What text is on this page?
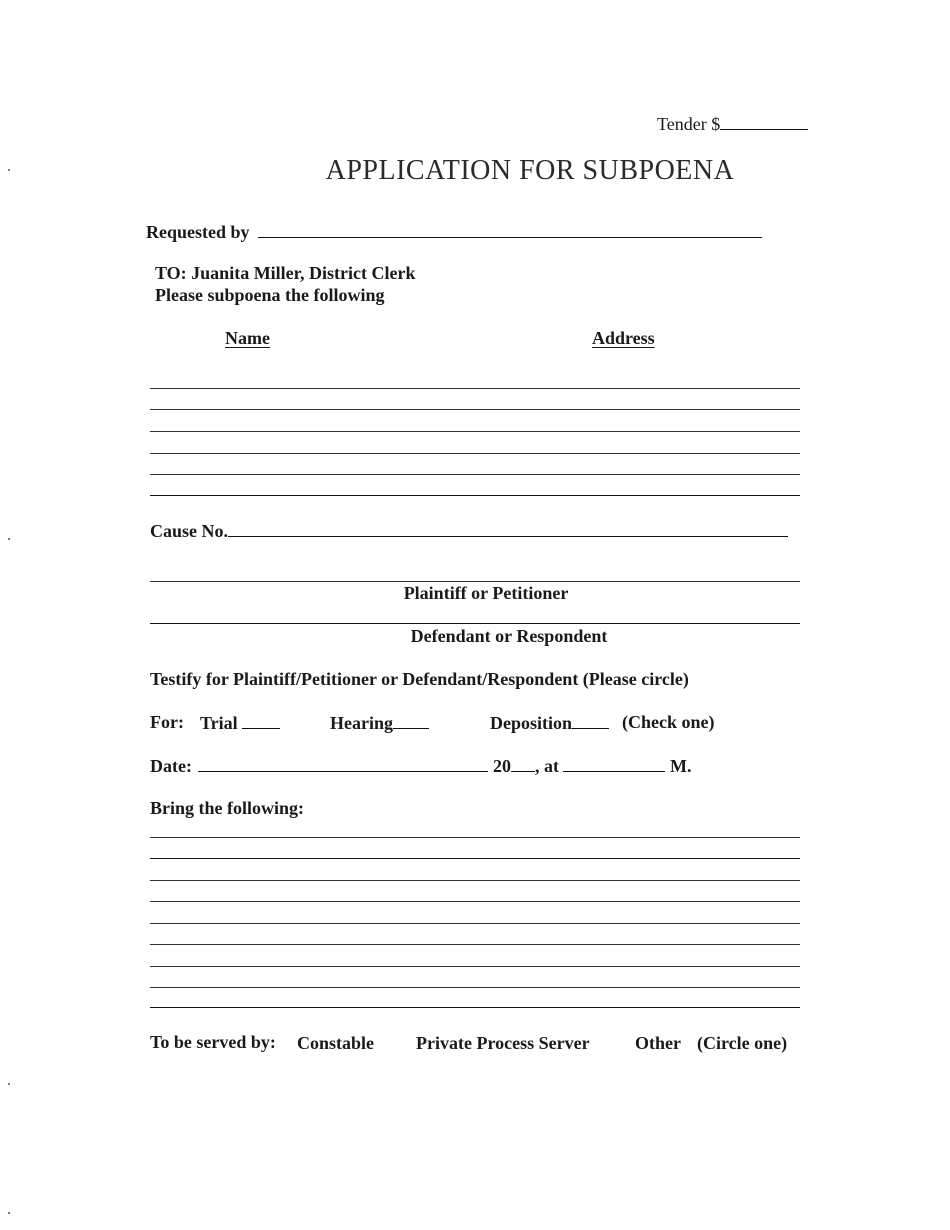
Tender $
APPLICATION FOR SUBPOENA
Requested by
TO: Juanita Miller, District Clerk
Please subpoena the following
Name	Address
Cause No.
Plaintiff or Petitioner
Defendant or Respondent
Testify for Plaintiff/Petitioner or Defendant/Respondent (Please circle)
For: Trial	Hearing	Deposition	(Check one)
Date:	20 , at	M.
Bring the following:
To be served by: Constable Private Process Server	Other (Circle one)
